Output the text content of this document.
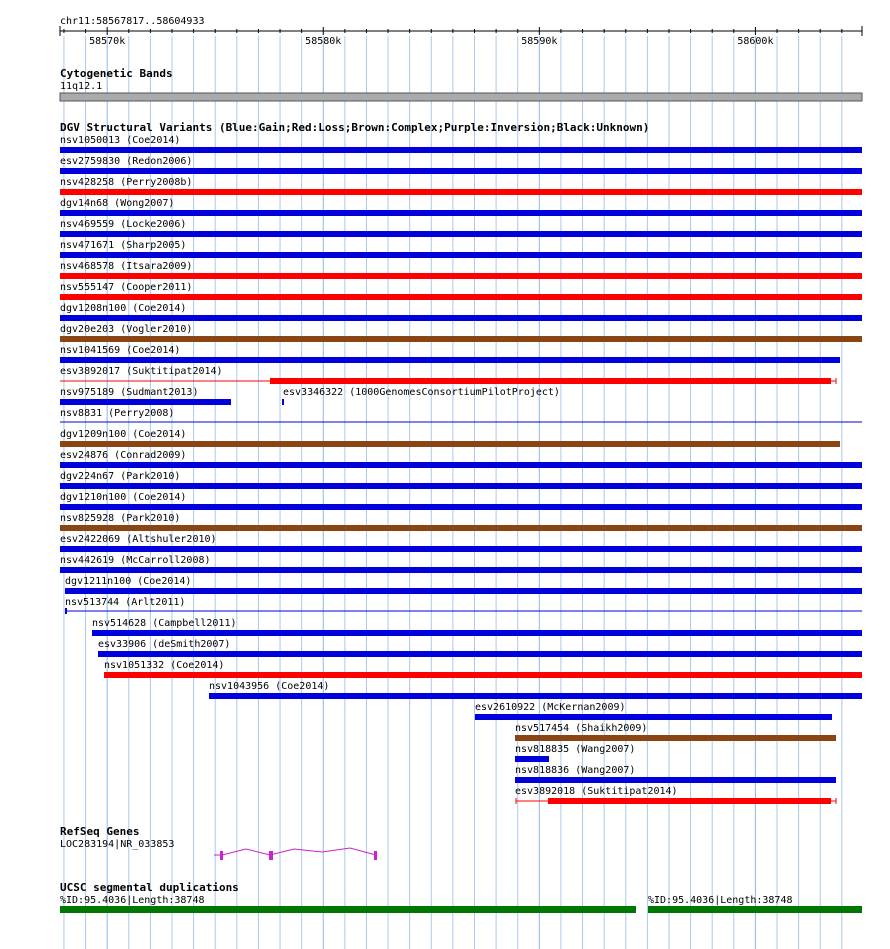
chr11:58567817..58604933
58570k	58580k	58590k	58600k
Cytogenetic Bands
11q12.1
DGV Structural Variants (Blue:Gain;Red:Loss;Brown:Complex;Purple:Inversion;Black:Unknown)
nsv1050013 (Coe2014)
esv2759830 (Redon2006)
nsv428258 (Perry2008b)
dgv14n68 (Wong2007)
nsv469559 (Locke2006)
nsv471671 (Sharp2005)
nsv468578 (Itsara2009)
nsv555147 (Cooper2011)
dgv1208n100 (Coe2014)
dgv20e203 (Vogler2010)
nsv1041569 (Coe2014)
esv3892017 (Suktitipat2014)
nsv975189 (Sudmant2013)	esv3346322 (1000GenomesConsortiumPilotProject)
nsv8831 (Perry2008)
dgv1209n100 (Coe2014)
esv24876 (Conrad2009)
dgv224n67 (Park2010)
dgv1210n100 (Coe2014)
nsv825928 (Park2010)
esv2422069 (Altshuler2010)
nsv442619 (McCarroll2008)
dgv1211n100 (Coe2014)
nsv513744 (Arlt2011)
nsv514628 (Campbell2011)
esv33906 (deSmith2007)
nsv1051332 (Coe2014)
nsv1043956 (Coe2014)
esv2610922 (McKernan2009)
nsv517454 (Shaikh2009)
nsv818835 (Wang2007)
nsv818836 (Wang2007)
esv3892018 (Suktitipat2014)
RefSeq Genes
LOC283194|NR_033853
UCSC segmental duplications
%ID:95.4036|Length:38748	%ID:95.4036|Length:38748
